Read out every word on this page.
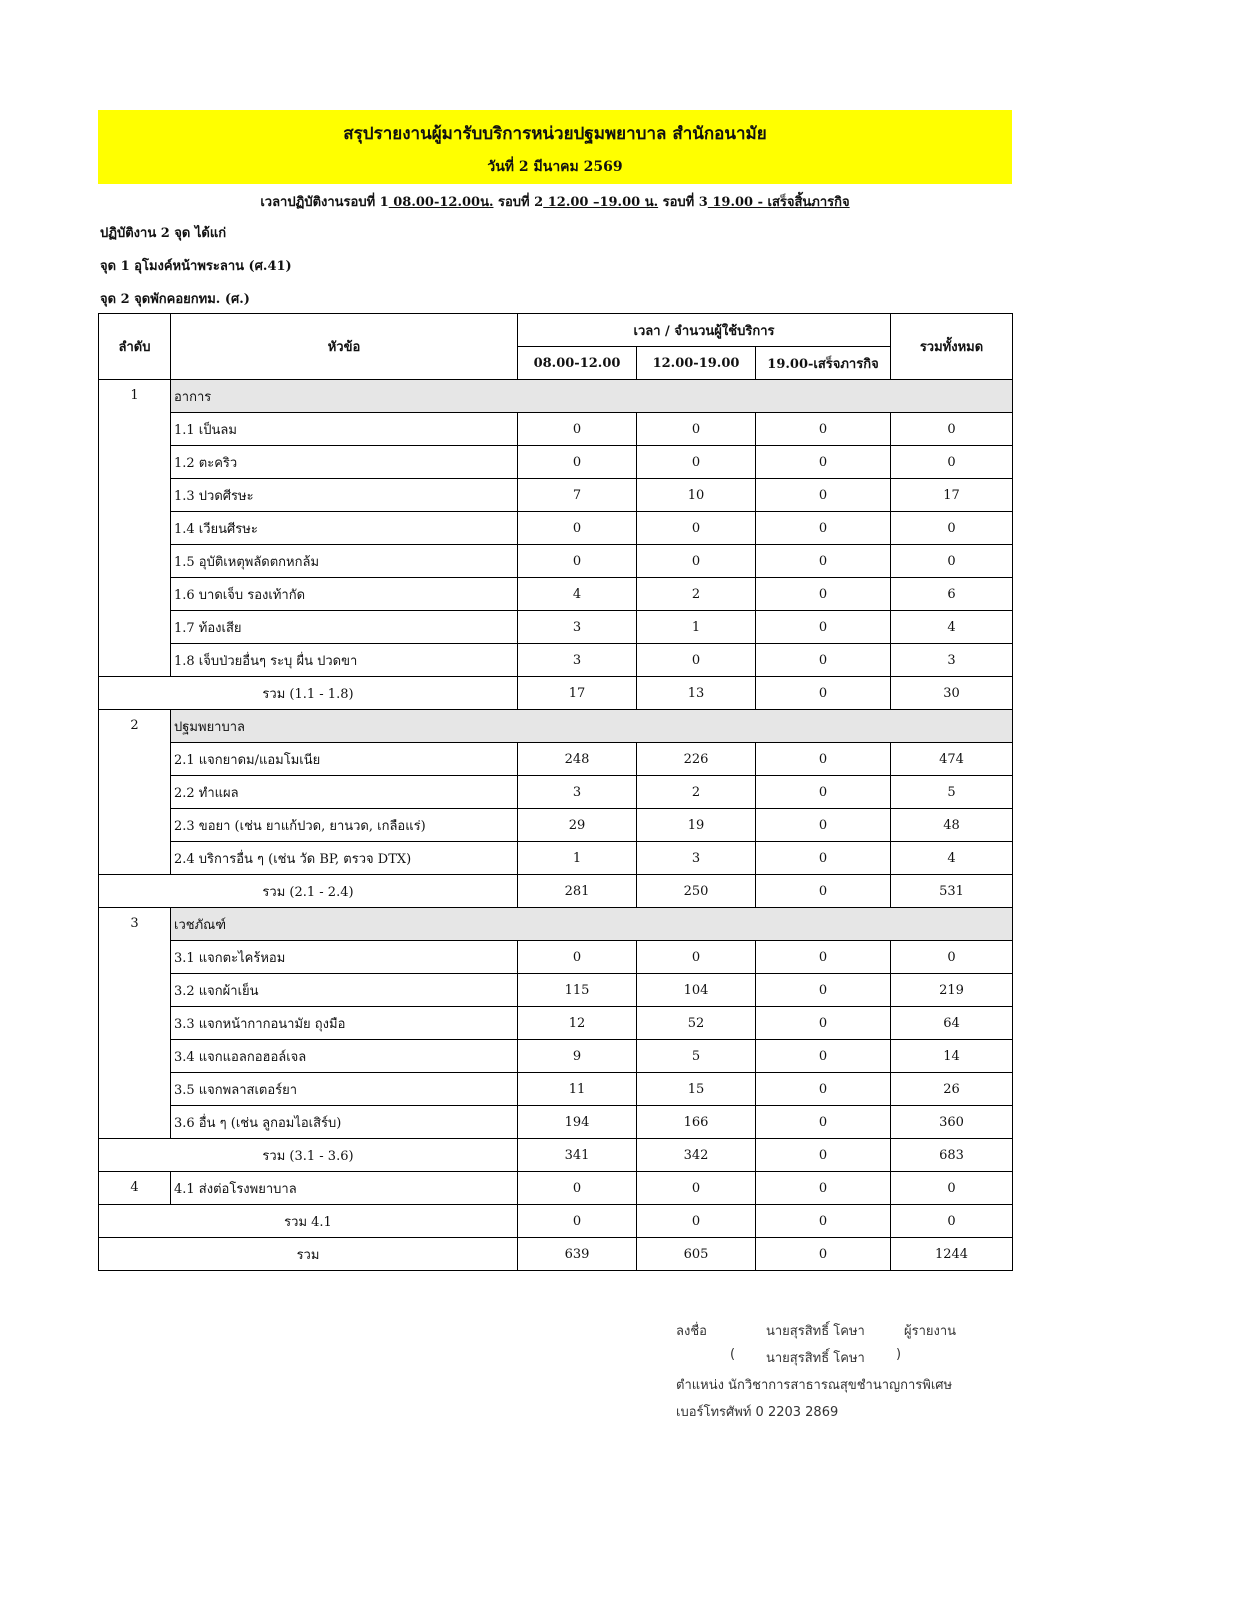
สรุปรายงานผู้มารับบริการหน่วยปฐมพยาบาล สำนักอนามัย
วันที่ 2 มีนาคม 2569
เวลาปฏิบัติงานรอบที่ 1 08.00-12.00น. รอบที่ 2 12.00 –19.00 น. รอบที่ 3 19.00 - เสร็จสิ้นภารกิจ
ปฏิบัติงาน 2 จุด ได้แก่
จุด 1 อุโมงค์หน้าพระลาน (ศ.41)
จุด 2 จุดพักคอยกทม. (ศ.)
ลำดับ	หัวข้อ	เวลา / จำนวนผู้ใช้บริการ			รวมทั้งหมด
		08.00-12.00	12.00-19.00	19.00-เสร็จภารกิจ	
1	อาการ				
	1.1 เป็นลม	0	0	0	0
	1.2 ตะคริว	0	0	0	0
	1.3 ปวดศีรษะ	7	10	0	17
	1.4 เวียนศีรษะ	0	0	0	0
	1.5 อุบัติเหตุพลัดตกหกล้ม	0	0	0	0
	1.6 บาดเจ็บ รองเท้ากัด	4	2	0	6
	1.7 ท้องเสีย	3	1	0	4
	1.8 เจ็บป่วยอื่นๆ ระบุ ผื่น ปวดขา	3	0	0	3
รวม (1.1 - 1.8)		17	13	0	30
2	ปฐมพยาบาล				
	2.1 แจกยาดม/แอมโมเนีย	248	226	0	474
	2.2 ทำแผล	3	2	0	5
	2.3 ขอยา (เช่น ยาแก้ปวด, ยานวด, เกลือแร่)	29	19	0	48
	2.4 บริการอื่น ๆ (เช่น วัด BP, ตรวจ DTX)	1	3	0	4
รวม (2.1 - 2.4)		281	250	0	531
3	เวชภัณฑ์				
	3.1 แจกตะไคร้หอม	0	0	0	0
	3.2 แจกผ้าเย็น	115	104	0	219
	3.3 แจกหน้ากากอนามัย ถุงมือ	12	52	0	64
	3.4 แจกแอลกอฮอล์เจล	9	5	0	14
	3.5 แจกพลาสเตอร์ยา	11	15	0	26
	3.6 อื่น ๆ (เช่น ลูกอมไอเสิร์บ)	194	166	0	360
รวม (3.1 - 3.6)		341	342	0	683
4	4.1 ส่งต่อโรงพยาบาล	0	0	0	0
รวม 4.1		0	0	0	0
รวม		639	605	0	1244
ลงชื่อ	นายสุรสิทธิ์ โคษา	ผู้รายงาน
( นายสุรสิทธิ์ โคษา )
ตำแหน่ง นักวิชาการสาธารณสุขชำนาญการพิเศษ
เบอร์โทรศัพท์ 0 2203 2869
